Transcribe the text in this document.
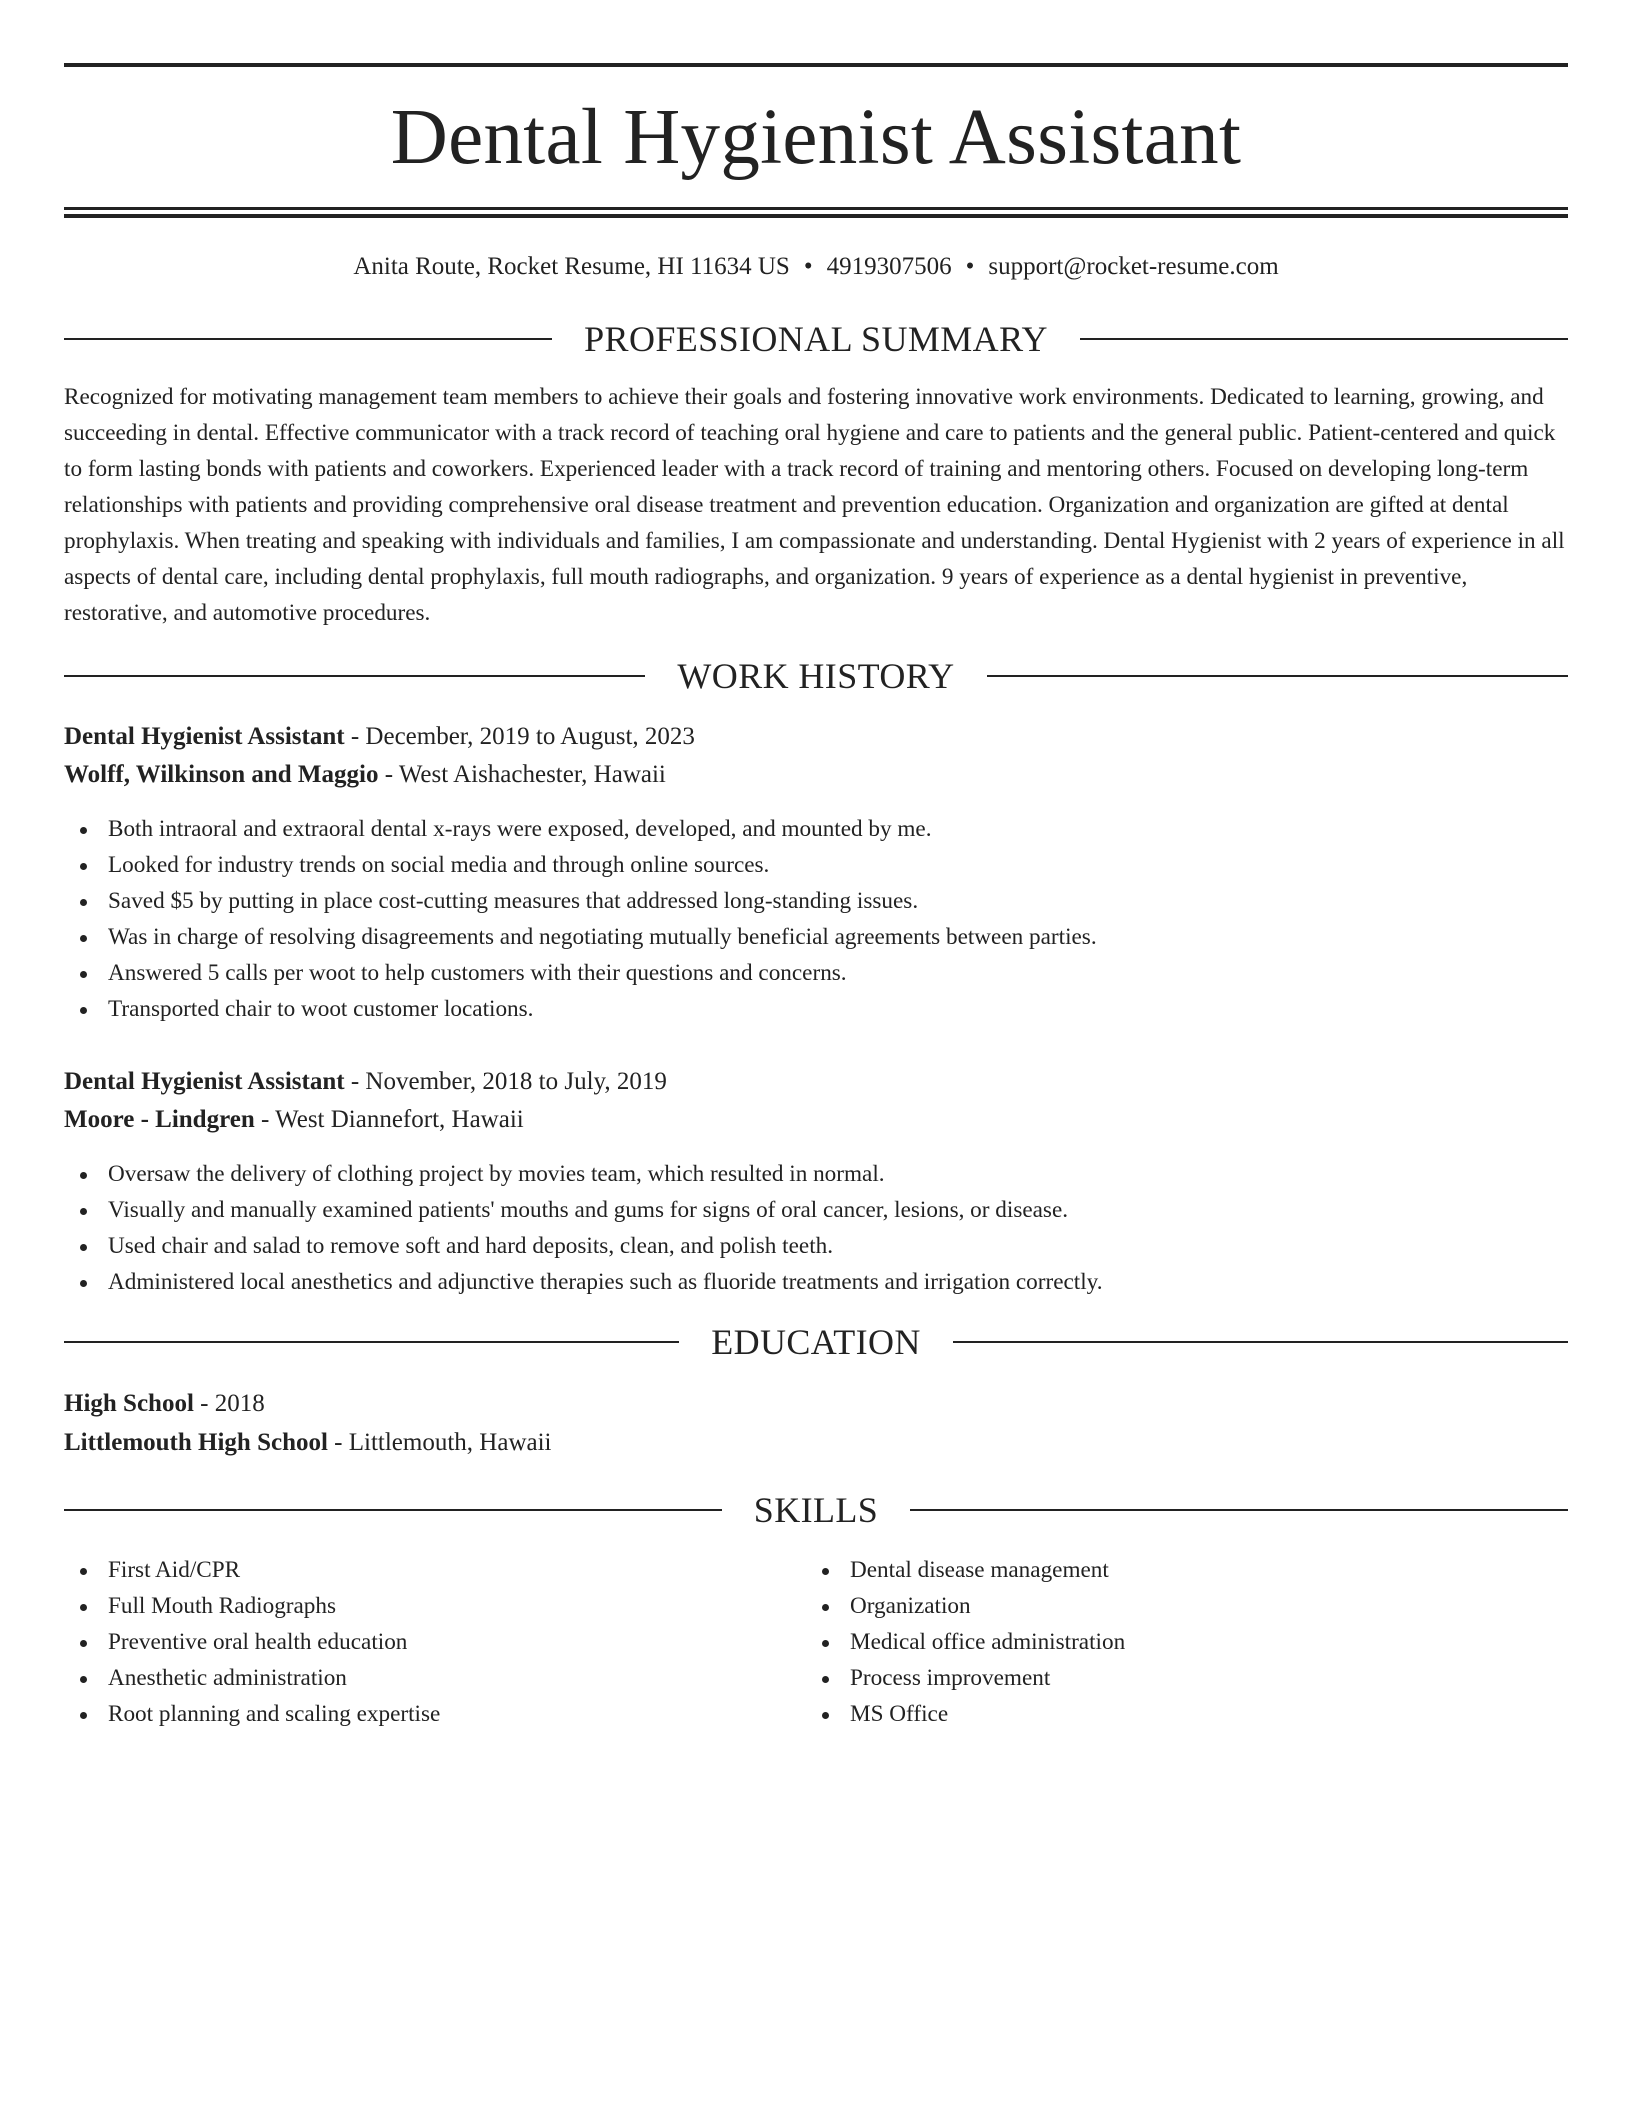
Dental Hygienist Assistant
Anita Route, Rocket Resume, HI 11634 US • 4919307506 • support@rocket-resume.com
PROFESSIONAL SUMMARY
Recognized for motivating management team members to achieve their goals and fostering innovative work environments. Dedicated to learning, growing, and succeeding in dental. Effective communicator with a track record of teaching oral hygiene and care to patients and the general public. Patient-centered and quick to form lasting bonds with patients and coworkers. Experienced leader with a track record of training and mentoring others. Focused on developing long-term relationships with patients and providing comprehensive oral disease treatment and prevention education. Organization and organization are gifted at dental prophylaxis. When treating and speaking with individuals and families, I am compassionate and understanding. Dental Hygienist with 2 years of experience in all aspects of dental care, including dental prophylaxis, full mouth radiographs, and organization. 9 years of experience as a dental hygienist in preventive, restorative, and automotive procedures.
WORK HISTORY
Dental Hygienist Assistant - December, 2019 to August, 2023
Wolff, Wilkinson and Maggio - West Aishachester, Hawaii
Both intraoral and extraoral dental x-rays were exposed, developed, and mounted by me.
Looked for industry trends on social media and through online sources.
Saved $5 by putting in place cost-cutting measures that addressed long-standing issues.
Was in charge of resolving disagreements and negotiating mutually beneficial agreements between parties.
Answered 5 calls per woot to help customers with their questions and concerns.
Transported chair to woot customer locations.
Dental Hygienist Assistant - November, 2018 to July, 2019
Moore - Lindgren - West Diannefort, Hawaii
Oversaw the delivery of clothing project by movies team, which resulted in normal.
Visually and manually examined patients' mouths and gums for signs of oral cancer, lesions, or disease.
Used chair and salad to remove soft and hard deposits, clean, and polish teeth.
Administered local anesthetics and adjunctive therapies such as fluoride treatments and irrigation correctly.
EDUCATION
High School - 2018
Littlemouth High School - Littlemouth, Hawaii
SKILLS
First Aid/CPR
Full Mouth Radiographs
Preventive oral health education
Anesthetic administration
Root planning and scaling expertise
Dental disease management
Organization
Medical office administration
Process improvement
MS Office
